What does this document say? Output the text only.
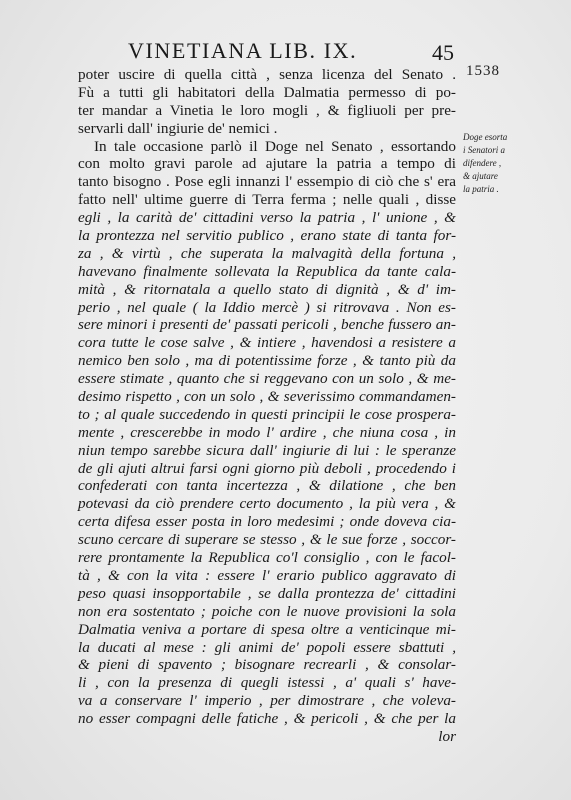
VINETIANA LIB. IX.	45
1538
Doge esorta
i Senatori a
difendere ,
& ajutare
la patria .
poter uscire di quella città , senza licenza del Senato .
Fù a tutti gli habitatori della Dalmatia permesso di po-
ter mandar a Vinetia le loro mogli , & figliuoli per pre-
servarli dall' ingiurie de' nemici .
In tale occasione parlò il Doge nel Senato , essortando
con molto gravi parole ad ajutare la patria a tempo di
tanto bisogno . Pose egli innanzi l' essempio di ciò che s' era
fatto nell' ultime guerre di Terra ferma ; nelle quali , disse
egli , la carità de' cittadini verso la patria , l' unione , &
la prontezza nel servitio publico , erano state di tanta for-
za , & virtù , che superata la malvagità della fortuna ,
havevano finalmente sollevata la Republica da tante cala-
mità , & ritornatala a quello stato di dignità , & d' im-
perio , nel quale ( la Iddio mercè ) si ritrovava . Non es-
sere minori i presenti de' passati pericoli , benche fussero an-
cora tutte le cose salve , & intiere , havendosi a resistere a
nemico ben solo , ma di potentissime forze , & tanto più da
essere stimate , quanto che si reggevano con un solo , & me-
desimo rispetto , con un solo , & severissimo commandamen-
to ; al quale succedendo in questi principii le cose prospera-
mente , crescerebbe in modo l' ardire , che niuna cosa , in
niun tempo sarebbe sicura dall' ingiurie di lui : le speranze
de gli ajuti altrui farsi ogni giorno più deboli , procedendo i
confederati con tanta incertezza , & dilatione , che ben
potevasi da ciò prendere certo documento , la più vera , &
certa difesa esser posta in loro medesimi ; onde doveva cia-
scuno cercare di superare se stesso , & le sue forze , soccor-
rere prontamente la Republica co'l consiglio , con le facol-
tà , & con la vita : essere l' erario publico aggravato di
peso quasi insopportabile , se dalla prontezza de' cittadini
non era sostentato ; poiche con le nuove provisioni la sola
Dalmatia veniva a portare di spesa oltre a venticinque mi-
la ducati al mese : gli animi de' popoli essere sbattuti ,
& pieni di spavento ; bisognare recrearli , & consolar-
li , con la presenza di quegli istessi , a' quali s' have-
va a conservare l' imperio , per dimostrare , che voleva-
no esser compagni delle fatiche , & pericoli , & che per la
lor
